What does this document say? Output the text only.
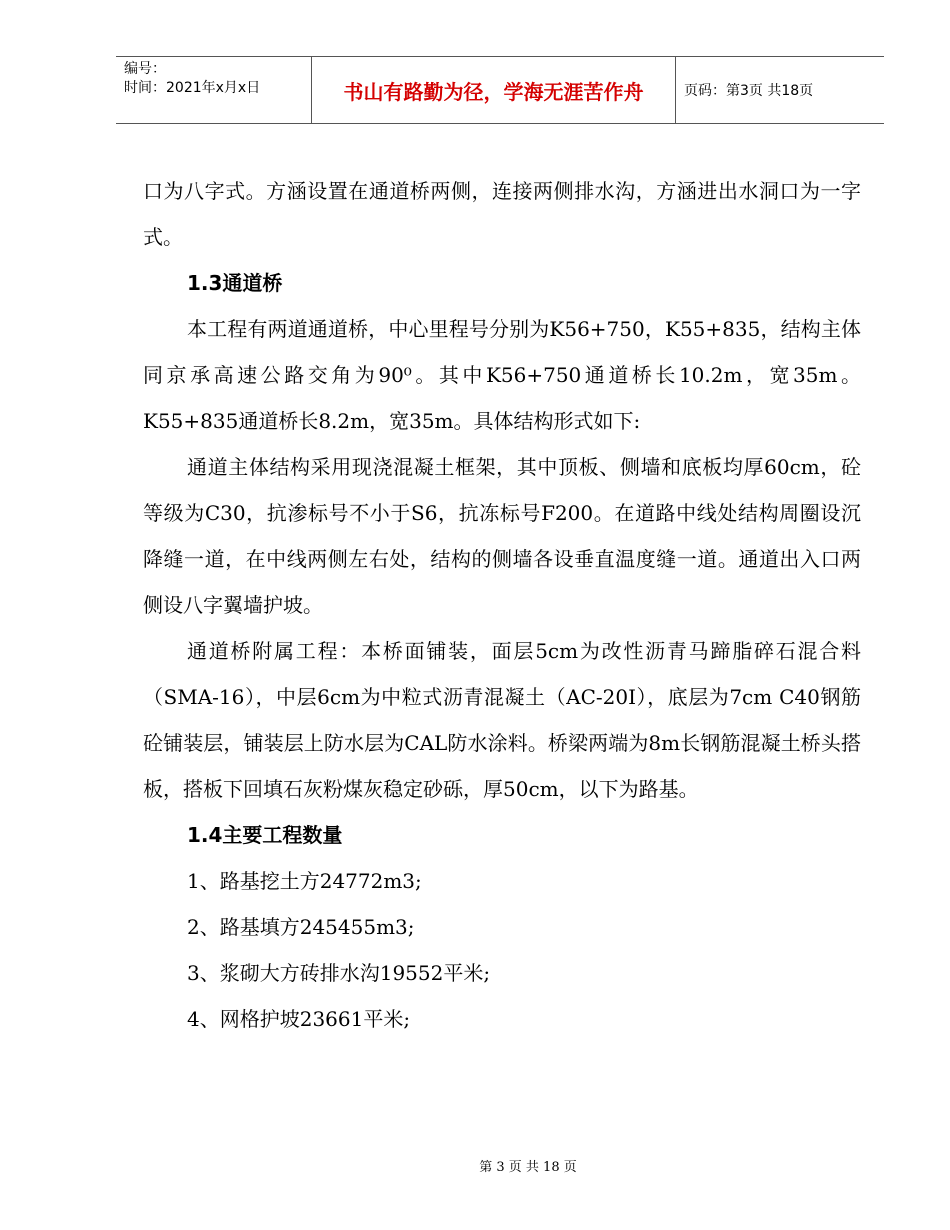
编号：
时间：2021年x月x日	书山有路勤为径，学海无涯苦作舟	页码：第3页 共18页

口为八字式。方涵设置在通道桥两侧，连接两侧排水沟，方涵进出水洞口为一字式。

1.3通道桥

本工程有两道通道桥，中心里程号分别为K56+750，K55+835，结构主体同京承高速公路交角为90⁰。其中K56+750通道桥长10.2m，宽35m。K55+835通道桥长8.2m，宽35m。具体结构形式如下:

通道主体结构采用现浇混凝土框架，其中顶板、侧墙和底板均厚60cm，砼等级为C30，抗渗标号不小于S6，抗冻标号F200。在道路中线处结构周圈设沉降缝一道，在中线两侧左右处，结构的侧墙各设垂直温度缝一道。通道出入口两侧设八字翼墙护坡。

通道桥附属工程：本桥面铺装，面层5cm为改性沥青马蹄脂碎石混合料（SMA-16），中层6cm为中粒式沥青混凝土（AC-20I），底层为7cm C40钢筋砼铺装层，铺装层上防水层为CAL防水涂料。桥梁两端为8m长钢筋混凝土桥头搭板，搭板下回填石灰粉煤灰稳定砂砾，厚50cm，以下为路基。

1.4主要工程数量

1、路基挖土方24772m3;

2、路基填方245455m3;

3、浆砌大方砖排水沟19552平米;

4、网格护坡23661平米;

第 3 页 共 18 页
